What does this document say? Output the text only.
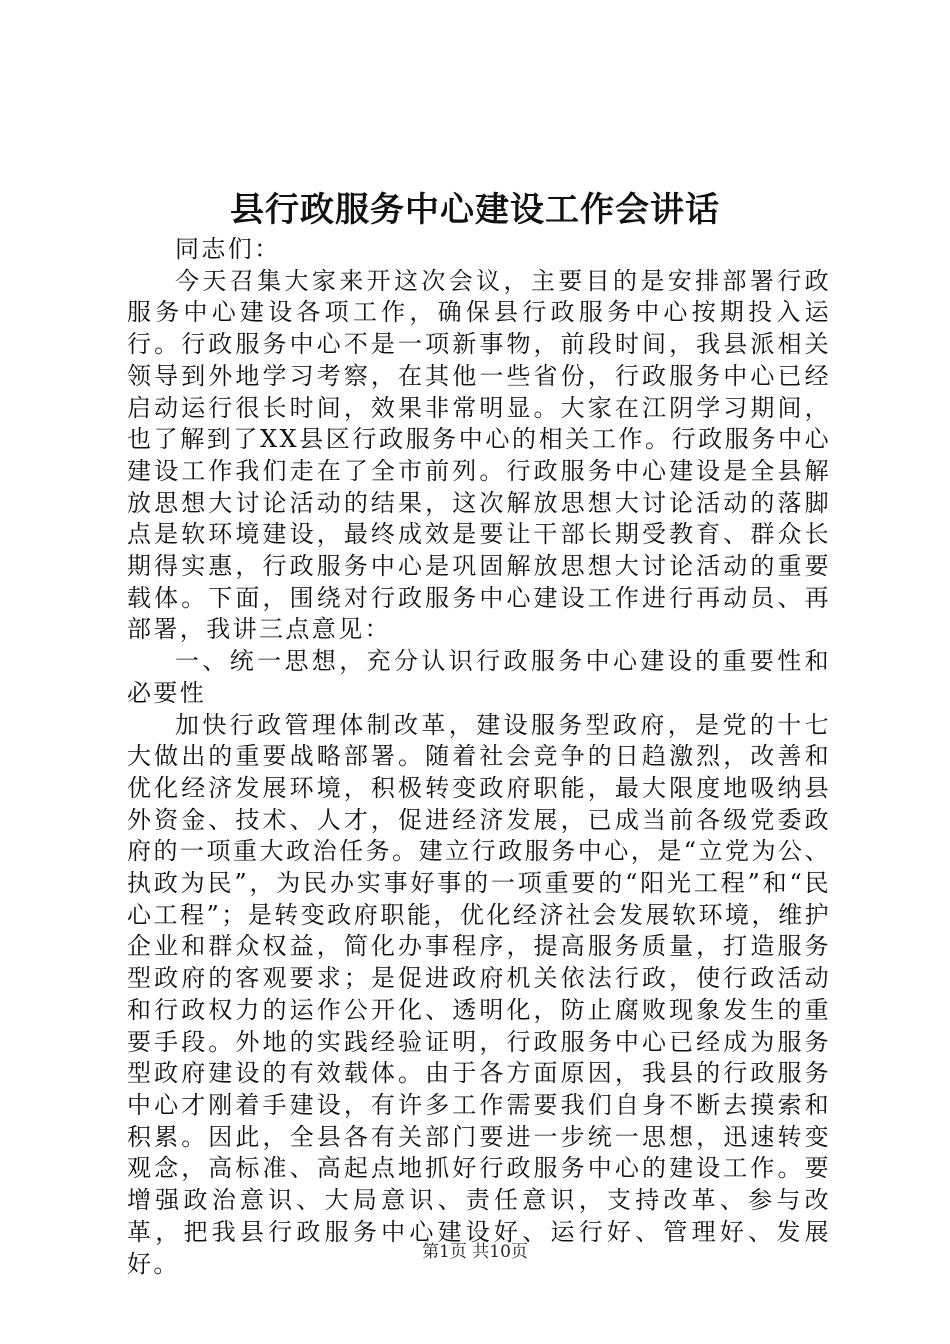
县行政服务中心建设工作会讲话

同志们：

今天召集大家来开这次会议，主要目的是安排部署行政服务中心建设各项工作，确保县行政服务中心按期投入运行。行政服务中心不是一项新事物，前段时间，我县派相关领导到外地学习考察，在其他一些省份，行政服务中心已经启动运行很长时间，效果非常明显。大家在江阴学习期间，也了解到了XX县区行政服务中心的相关工作。行政服务中心建设工作我们走在了全市前列。行政服务中心建设是全县解放思想大讨论活动的结果，这次解放思想大讨论活动的落脚点是软环境建设，最终成效是要让干部长期受教育、群众长期得实惠，行政服务中心是巩固解放思想大讨论活动的重要载体。下面，围绕对行政服务中心建设工作进行再动员、再部署，我讲三点意见：

一、统一思想，充分认识行政服务中心建设的重要性和必要性

加快行政管理体制改革，建设服务型政府，是党的十七大做出的重要战略部署。随着社会竞争的日趋激烈，改善和优化经济发展环境，积极转变政府职能，最大限度地吸纳县外资金、技术、人才，促进经济发展，已成当前各级党委政府的一项重大政治任务。建立行政服务中心，是“立党为公、执政为民”，为民办实事好事的一项重要的“阳光工程”和“民心工程”；是转变政府职能，优化经济社会发展软环境，维护企业和群众权益，简化办事程序，提高服务质量，打造服务型政府的客观要求；是促进政府机关依法行政，使行政活动和行政权力的运作公开化、透明化，防止腐败现象发生的重要手段。外地的实践经验证明，行政服务中心已经成为服务型政府建设的有效载体。由于各方面原因，我县的行政服务中心才刚着手建设，有许多工作需要我们自身不断去摸索和积累。因此，全县各有关部门要进一步统一思想，迅速转变观念，高标准、高起点地抓好行政服务中心的建设工作。要增强政治意识、大局意识、责任意识，支持改革、参与改革，把我县行政服务中心建设好、运行好、管理好、发展好。	第1页 共10页
